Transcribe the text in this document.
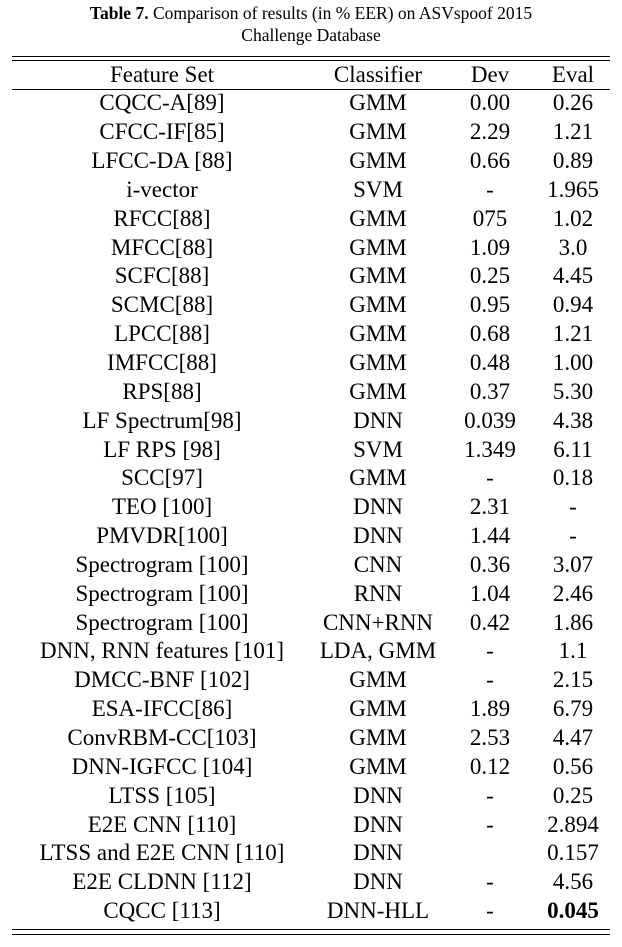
Table 7. Comparison of results (in % EER) on ASVspoof 2015
Challenge Database
Feature Set	Classifier	Dev	Eval
CQCC-A[89]	GMM	0.00	0.26
CFCC-IF[85]	GMM	2.29	1.21
LFCC-DA [88]	GMM	0.66	0.89
i-vector	SVM	-	1.965
RFCC[88]	GMM	075	1.02
MFCC[88]	GMM	1.09	3.0
SCFC[88]	GMM	0.25	4.45
SCMC[88]	GMM	0.95	0.94
LPCC[88]	GMM	0.68	1.21
IMFCC[88]	GMM	0.48	1.00
RPS[88]	GMM	0.37	5.30
LF Spectrum[98]	DNN	0.039	4.38
LF RPS [98]	SVM	1.349	6.11
SCC[97]	GMM	-	0.18
TEO [100]	DNN	2.31	-
PMVDR[100]	DNN	1.44	-
Spectrogram [100]	CNN	0.36	3.07
Spectrogram [100]	RNN	1.04	2.46
Spectrogram [100]	CNN+RNN	0.42	1.86
DNN, RNN features [101]	LDA, GMM	-	1.1
DMCC-BNF [102]	GMM	-	2.15
ESA-IFCC[86]	GMM	1.89	6.79
ConvRBM-CC[103]	GMM	2.53	4.47
DNN-IGFCC [104]	GMM	0.12	0.56
LTSS [105]	DNN	-	0.25
E2E CNN [110]	DNN	-	2.894
LTSS and E2E CNN [110]	DNN		0.157
E2E CLDNN [112]	DNN	-	4.56
CQCC [113]	DNN-HLL	-	0.045
